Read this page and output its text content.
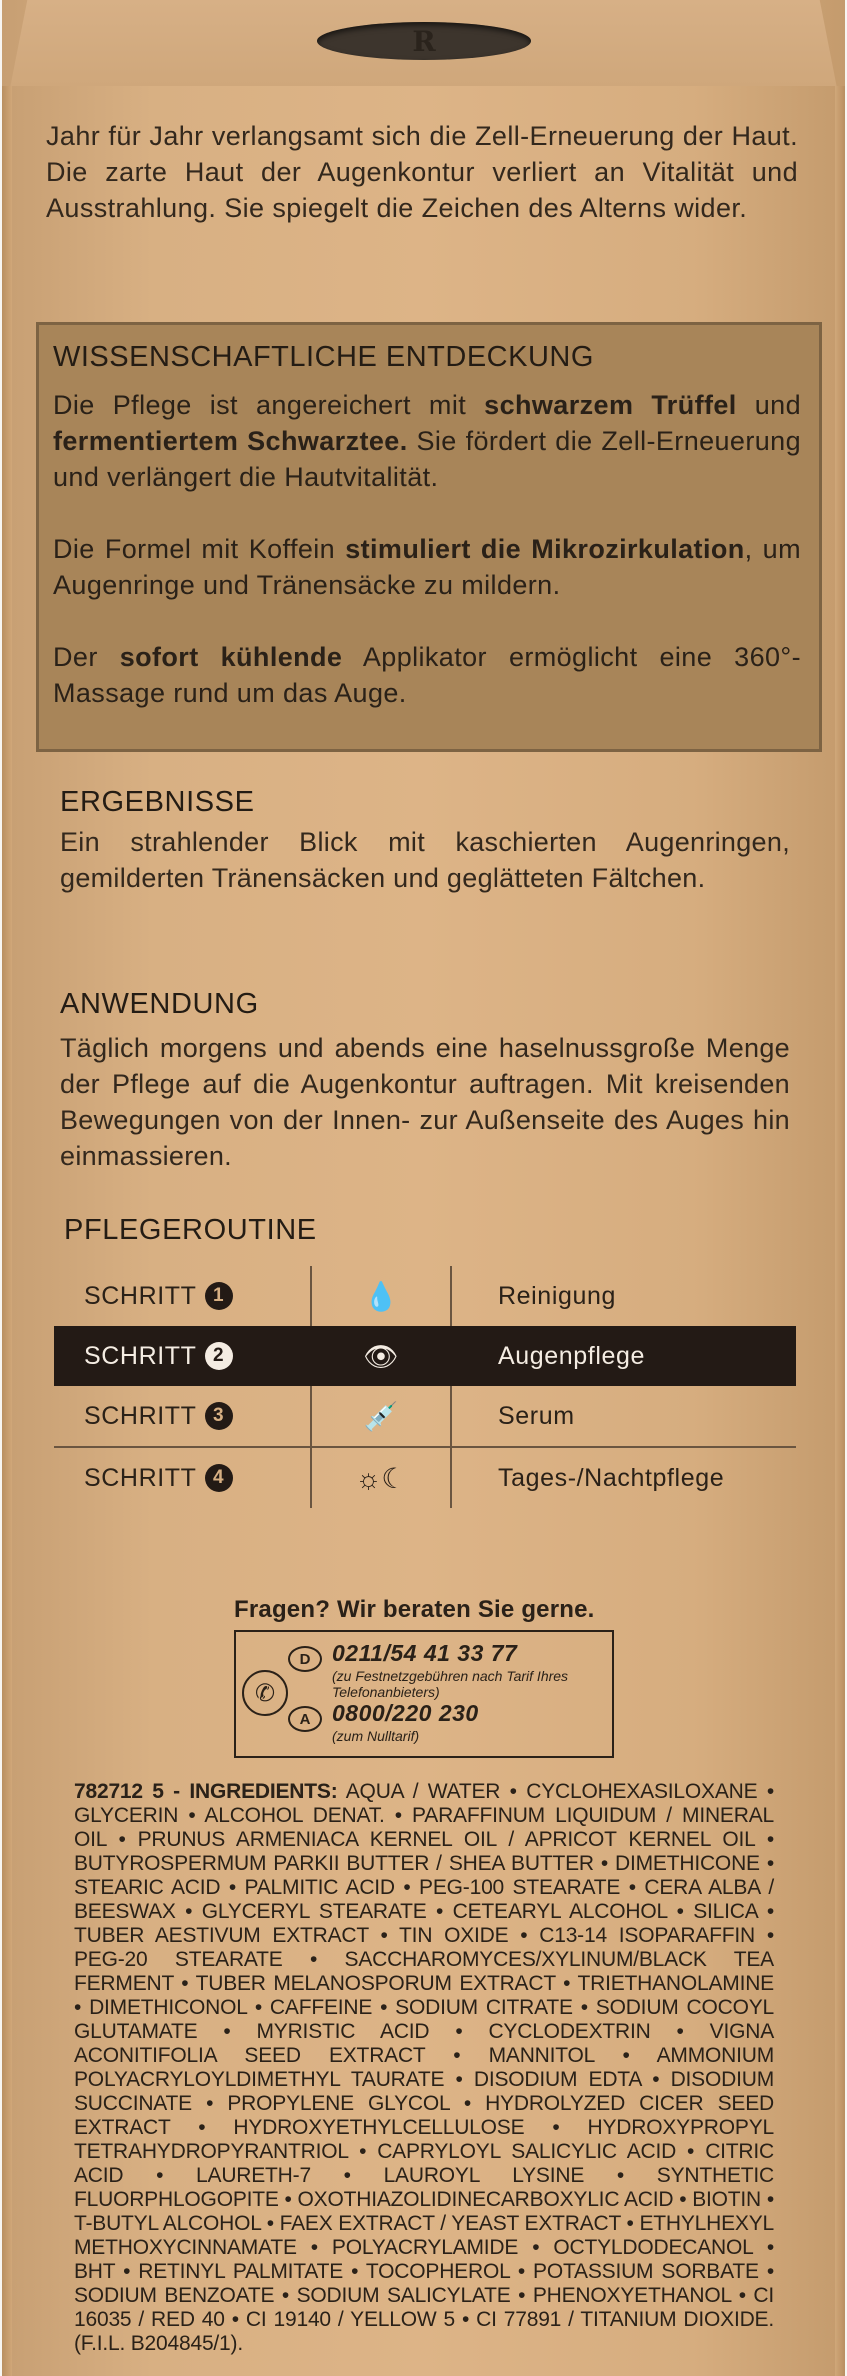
R
Jahr für Jahr verlangsamt sich die Zell-Erneuerung der Haut. Die zarte Haut der Augenkontur verliert an Vitalität und Ausstrahlung. Sie spiegelt die Zeichen des Alterns wider.
WISSENSCHAFTLICHE ENTDECKUNG
Die Pflege ist angereichert mit schwarzem Trüffel und fermentiertem Schwarztee. Sie fördert die Zell-Erneuerung und verlängert die Hautvitalität.
Die Formel mit Koffein stimuliert die Mikrozirkulation, um Augenringe und Tränensäcke zu mildern.
Der sofort kühlende Applikator ermöglicht eine 360°-Massage rund um das Auge.
ERGEBNISSE
Ein strahlender Blick mit kaschierten Augenringen, gemilderten Tränensäcken und geglätteten Fältchen.
ANWENDUNG
Täglich morgens und abends eine haselnussgroße Menge der Pflege auf die Augenkontur auftragen. Mit kreisenden Bewegungen von der Innen- zur Außenseite des Auges hin einmassieren.
PFLEGEROUTINE
SCHRITT 1	💧	Reinigung
SCHRITT 2	👁	Augenpflege
SCHRITT 3	💉	Serum
SCHRITT 4	☼☾	Tages-/Nachtpflege
Fragen? Wir beraten Sie gerne.
✆
D 0211/54 41 33 77
(zu Festnetzgebühren nach Tarif Ihres Telefonanbieters)
A 0800/220 230
(zum Nulltarif)
782712 5 - INGREDIENTS: AQUA / WATER • CYCLOHEXASILOXANE • GLYCERIN • ALCOHOL DENAT. • PARAFFINUM LIQUIDUM / MINERAL OIL • PRUNUS ARMENIACA KERNEL OIL / APRICOT KERNEL OIL • BUTYROSPERMUM PARKII BUTTER / SHEA BUTTER • DIMETHICONE • STEARIC ACID • PALMITIC ACID • PEG-100 STEARATE • CERA ALBA / BEESWAX • GLYCERYL STEARATE • CETEARYL ALCOHOL • SILICA • TUBER AESTIVUM EXTRACT • TIN OXIDE • C13-14 ISOPARAFFIN • PEG-20 STEARATE • SACCHAROMYCES/XYLINUM/BLACK TEA FERMENT • TUBER MELANOSPORUM EXTRACT • TRIETHANOLAMINE • DIMETHICONOL • CAFFEINE • SODIUM CITRATE • SODIUM COCOYL GLUTAMATE • MYRISTIC ACID • CYCLODEXTRIN • VIGNA ACONITIFOLIA SEED EXTRACT • MANNITOL • AMMONIUM POLYACRYLOYLDIMETHYL TAURATE • DISODIUM EDTA • DISODIUM SUCCINATE • PROPYLENE GLYCOL • HYDROLYZED CICER SEED EXTRACT • HYDROXYETHYLCELLULOSE • HYDROXYPROPYL TETRAHYDROPYRANTRIOL • CAPRYLOYL SALICYLIC ACID • CITRIC ACID • LAURETH-7 • LAUROYL LYSINE • SYNTHETIC FLUORPHLOGOPITE • OXOTHIAZOLIDINECARBOXYLIC ACID • BIOTIN • T-BUTYL ALCOHOL • FAEX EXTRACT / YEAST EXTRACT • ETHYLHEXYL METHOXYCINNAMATE • POLYACRYLAMIDE • OCTYLDODECANOL • BHT • RETINYL PALMITATE • TOCOPHEROL • POTASSIUM SORBATE • SODIUM BENZOATE • SODIUM SALICYLATE • PHENOXYETHANOL • CI 16035 / RED 40 • CI 19140 / YELLOW 5 • CI 77891 / TITANIUM DIOXIDE. (F.I.L. B204845/1).
